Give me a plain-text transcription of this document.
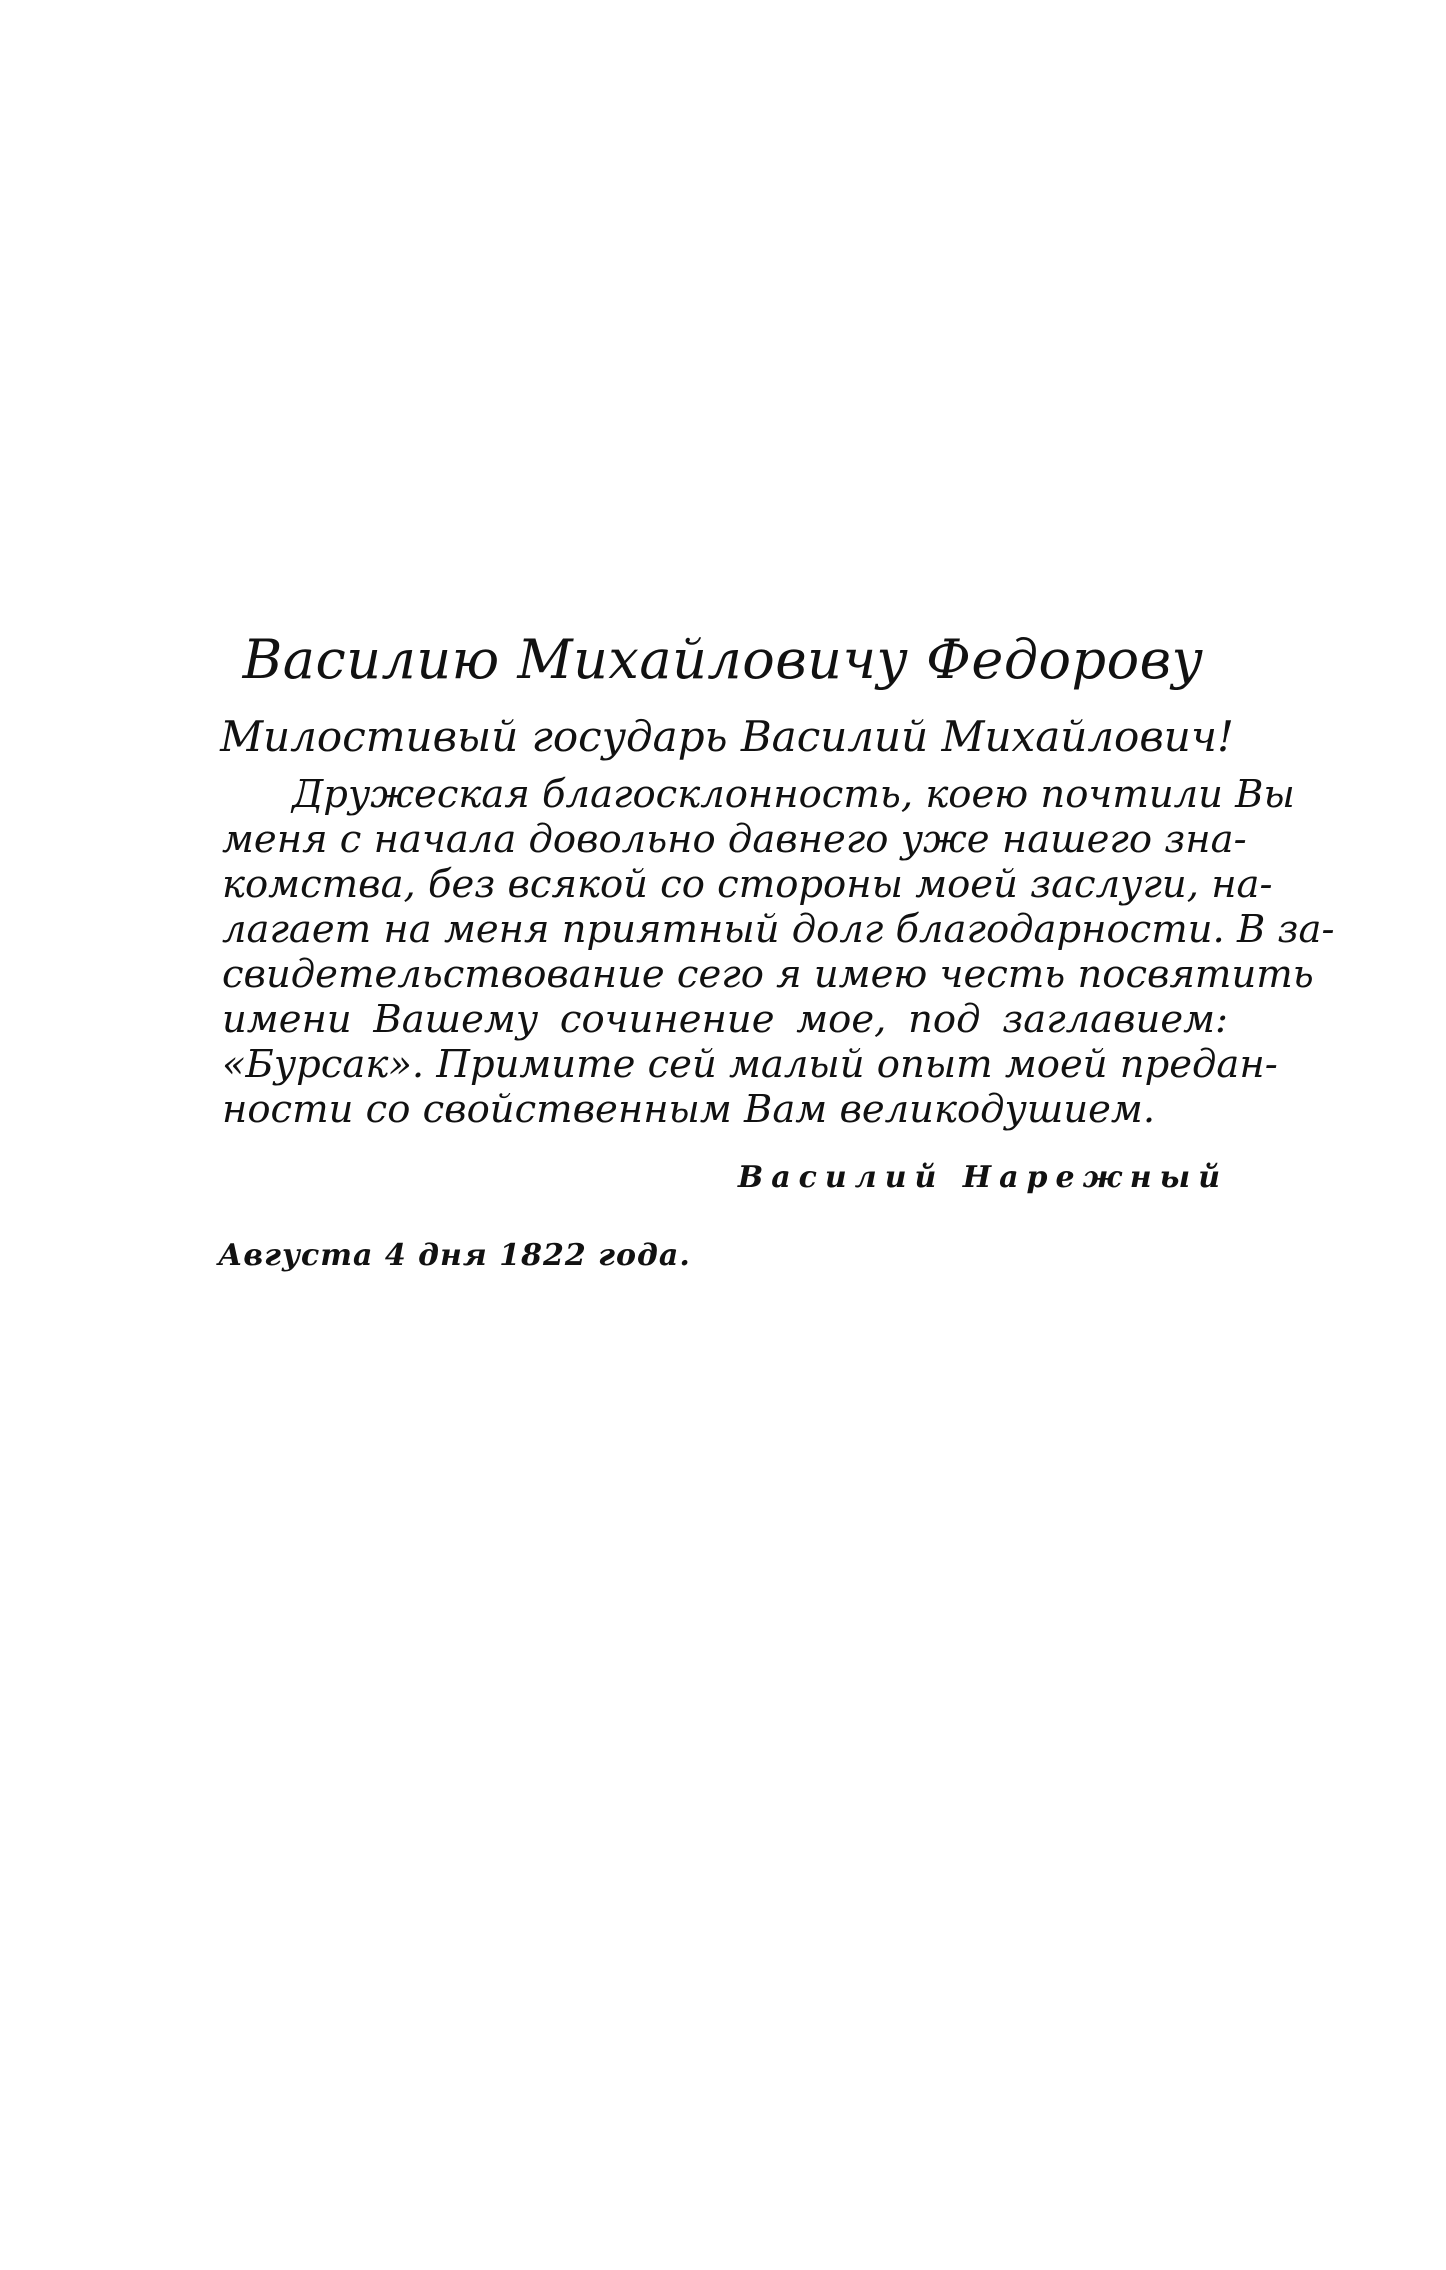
Василию Михайловичу Федорову
Милостивый государь Василий Михайлович!
Дружеская благосклонность, коею почтили Вы
меня с начала довольно давнего уже нашего зна-
комства, без всякой со стороны моей заслуги, на-
лагает на меня приятный долг благодарности. В за-
свидетельствование сего я имею честь посвятить
имени Вашему сочинение мое, под заглавием:
«Бурсак». Примите сей малый опыт моей предан-
ности со свойственным Вам великодушием.
Василий Нарежный
Августа 4 дня 1822 года.
